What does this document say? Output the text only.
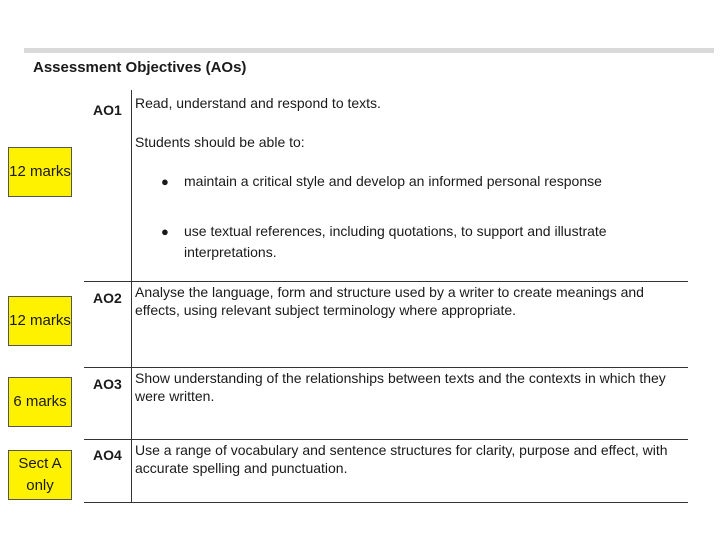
Assessment Objectives (AOs)
AO1 Read, understand and respond to texts.
Students should be able to:
● maintain a critical style and develop an informed personal response
● use textual references, including quotations, to support and illustrate interpretations.
AO2 Analyse the language, form and structure used by a writer to create meanings and effects, using relevant subject terminology where appropriate.
AO3 Show understanding of the relationships between texts and the contexts in which they were written.
AO4 Use a range of vocabulary and sentence structures for clarity, purpose and effect, with accurate spelling and punctuation.
12 marks
12 marks
6 marks
Sect A only
